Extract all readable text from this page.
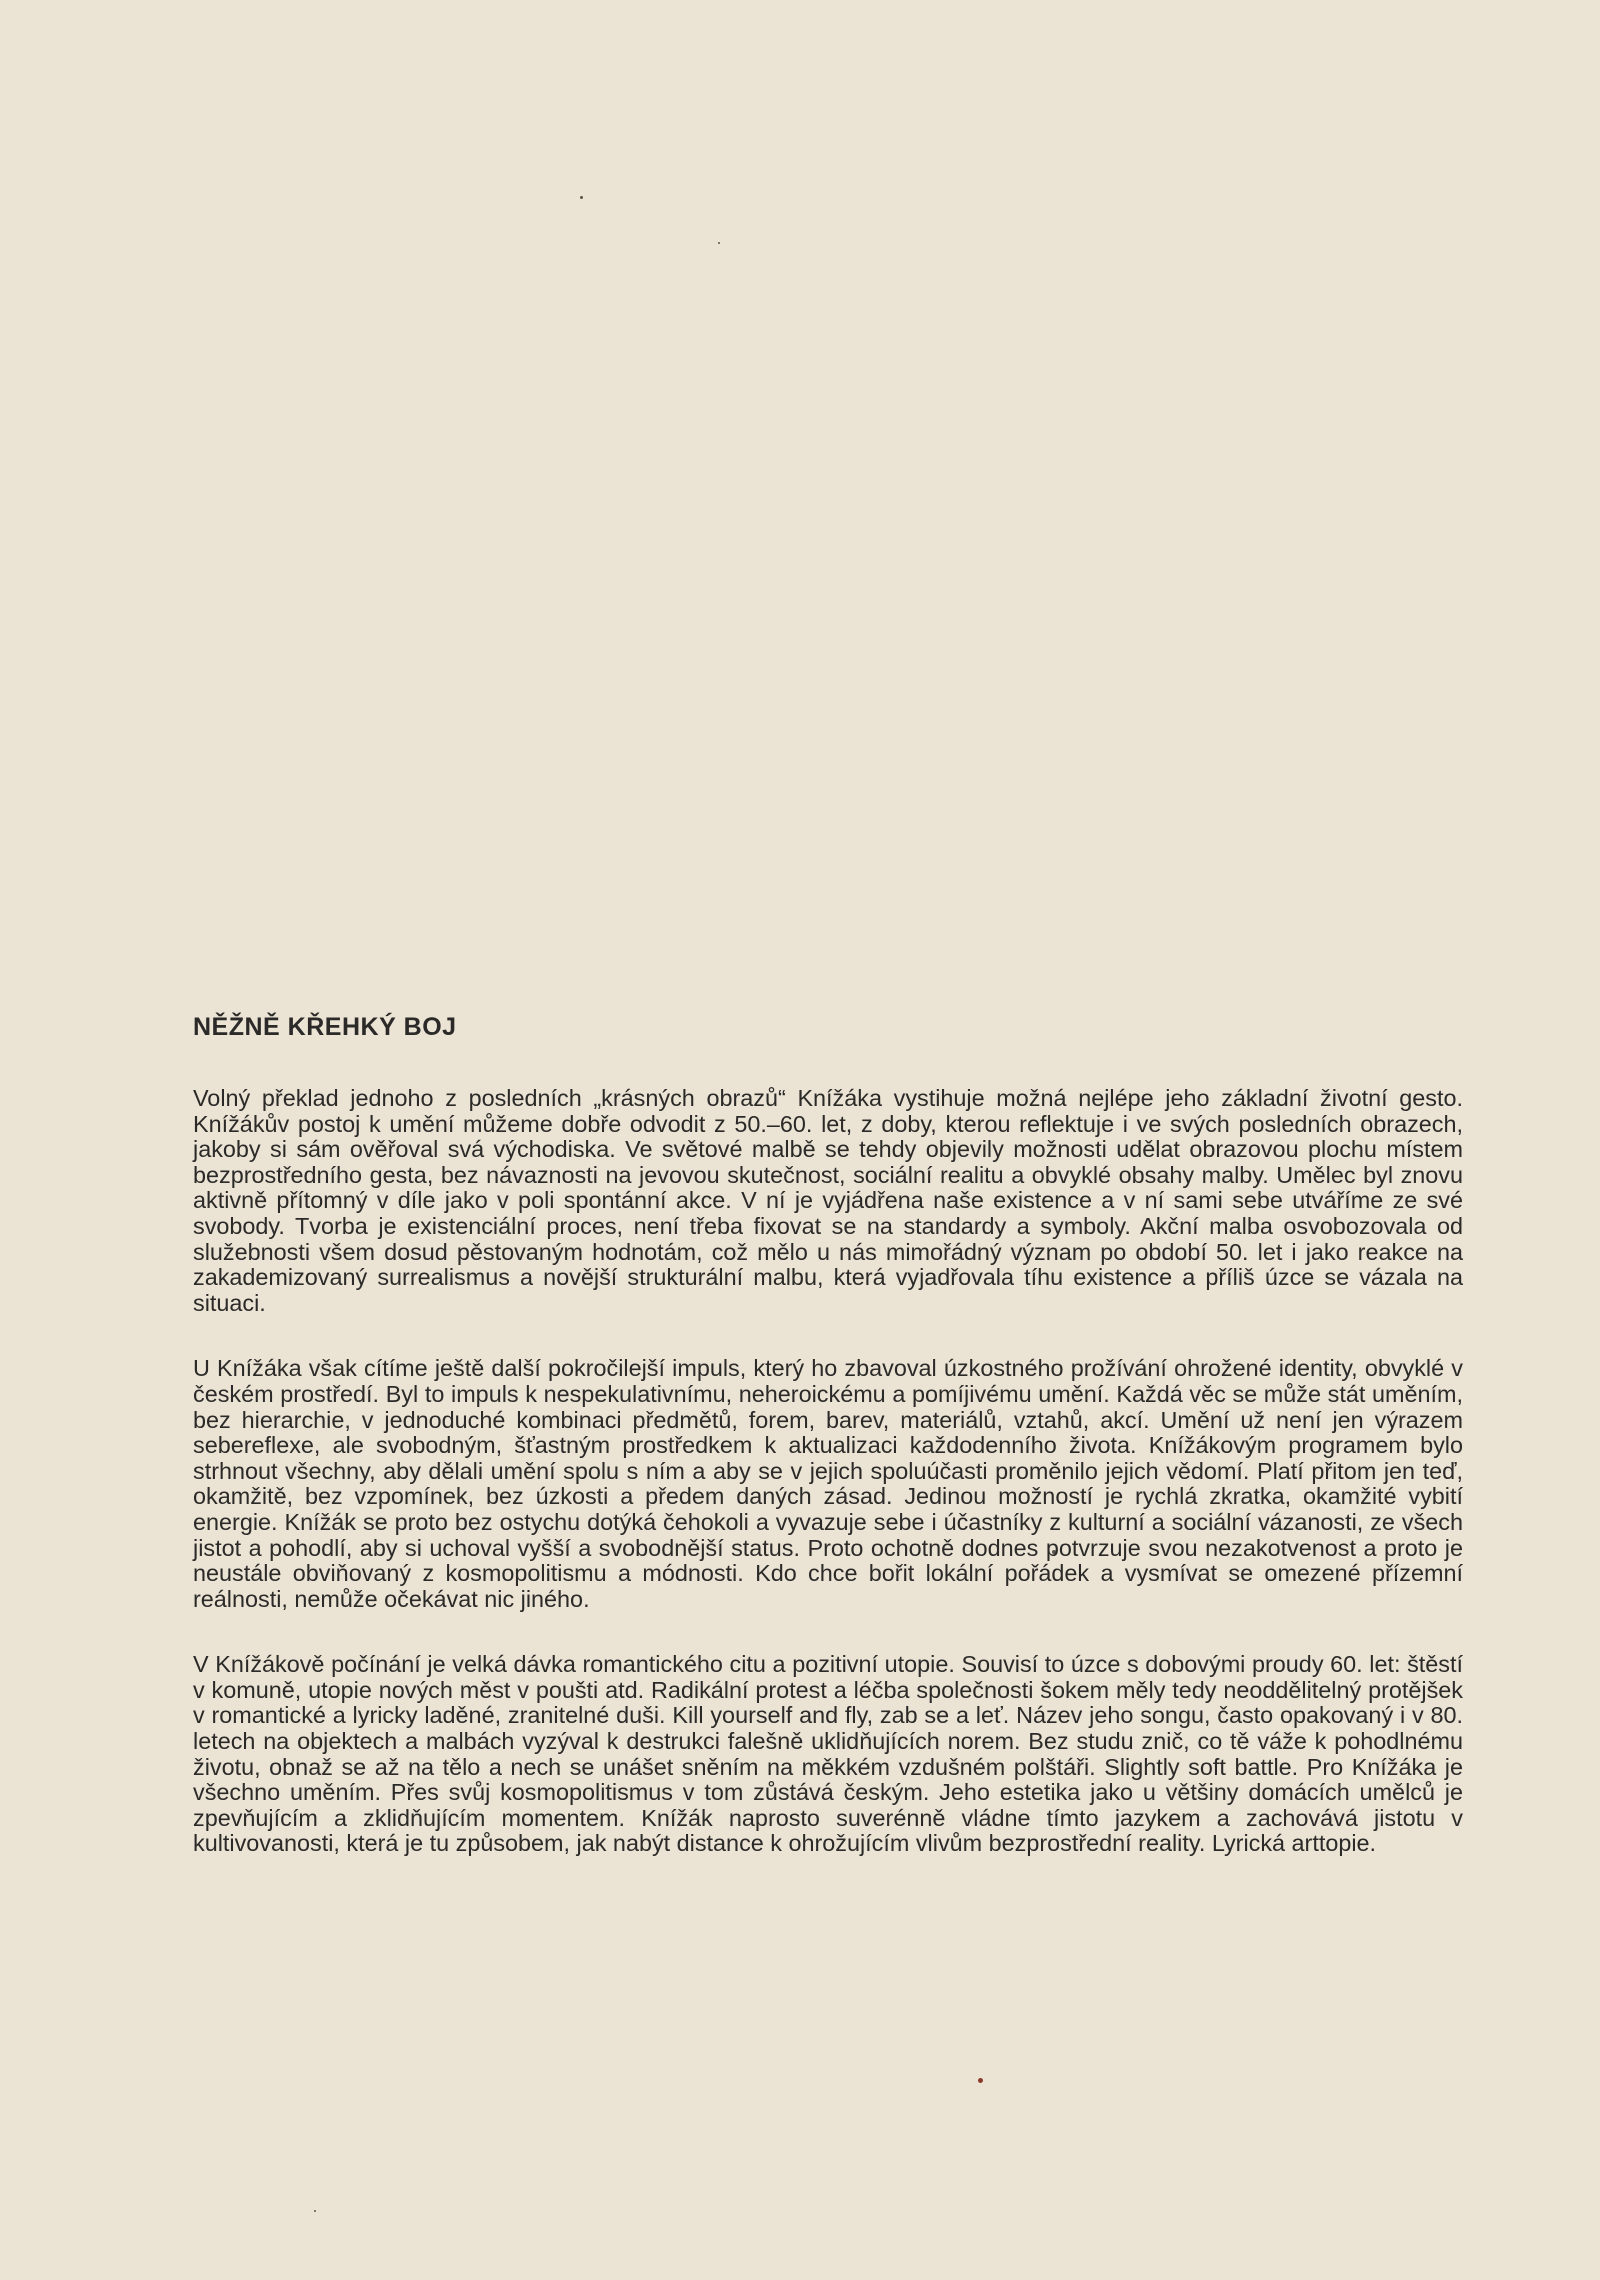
NĚŽNĚ KŘEHKÝ BOJ

Volný překlad jednoho z posledních „krásných obrazů“ Knížáka vystihuje možná nejlépe jeho základní životní gesto. Knížákův postoj k umění můžeme dobře odvodit z 50.–60. let, z doby, kterou reflektuje i ve svých posledních obrazech, jakoby si sám ověřoval svá východiska. Ve světové malbě se tehdy objevily možnosti udělat obrazovou plochu místem bezprostředního gesta, bez návaznosti na jevovou skutečnost, sociální realitu a obvyklé obsahy malby. Umělec byl znovu aktivně přítomný v díle jako v poli spontánní akce. V ní je vyjádřena naše existence a v ní sami sebe utváříme ze své svobody. Tvorba je existenciální proces, není třeba fixovat se na standardy a symboly. Akční malba osvobozovala od služebnosti všem dosud pěstovaným hodnotám, což mělo u nás mimořádný význam po období 50. let i jako reakce na zakademizovaný surrealismus a novější strukturální malbu, která vyjadřovala tíhu existence a příliš úzce se vázala na situaci.

U Knížáka však cítíme ještě další pokročilejší impuls, který ho zbavoval úzkostného prožívání ohrožené identity, obvyklé v českém prostředí. Byl to impuls k nespekulativnímu, neheroickému a pomíjivému umění. Každá věc se může stát uměním, bez hierarchie, v jednoduché kombinaci předmětů, forem, barev, materiálů, vztahů, akcí. Umění už není jen výrazem sebereflexe, ale svobodným, šťastným prostředkem k aktualizaci každodenního života. Knížákovým programem bylo strhnout všechny, aby dělali umění spolu s ním a aby se v jejich spoluúčasti proměnilo jejich vědomí. Platí přitom jen teď, okamžitě, bez vzpomínek, bez úzkosti a předem daných zásad. Jedinou možností je rychlá zkratka, okamžité vybití energie. Knížák se proto bez ostychu dotýká čehokoli a vyvazuje sebe i účastníky z kulturní a sociální vázanosti, ze všech jistot a pohodlí, aby si uchoval vyšší a svobodnější status. Proto ochotně dodnes potvrzuje svou nezakotvenost a proto je neustále obviňovaný z kosmopolitismu a módnosti. Kdo chce bořit lokální pořádek a vysmívat se omezené přízemní reálnosti, nemůže očekávat nic jiného.

V Knížákově počínání je velká dávka romantického citu a pozitivní utopie. Souvisí to úzce s dobovými proudy 60. let: štěstí v komuně, utopie nových měst v poušti atd. Radikální protest a léčba společnosti šokem měly tedy neoddělitelný protějšek v romantické a lyricky laděné, zranitelné duši. Kill yourself and fly, zab se a leť. Název jeho songu, často opakovaný i v 80. letech na objektech a malbách vyzýval k destrukci falešně uklidňujících norem. Bez studu znič, co tě váže k pohodlnému životu, obnaž se až na tělo a nech se unášet sněním na měkkém vzdušném polštáři. Slightly soft battle. Pro Knížáka je všechno uměním. Přes svůj kosmopolitismus v tom zůstává českým. Jeho estetika jako u většiny domácích umělců je zpevňujícím a zklidňujícím momentem. Knížák naprosto suverénně vládne tímto jazykem a zachovává jistotu v kultivovanosti, která je tu způsobem, jak nabýt distance k ohrožujícím vlivům bezprostřední reality. Lyrická arttopie.
